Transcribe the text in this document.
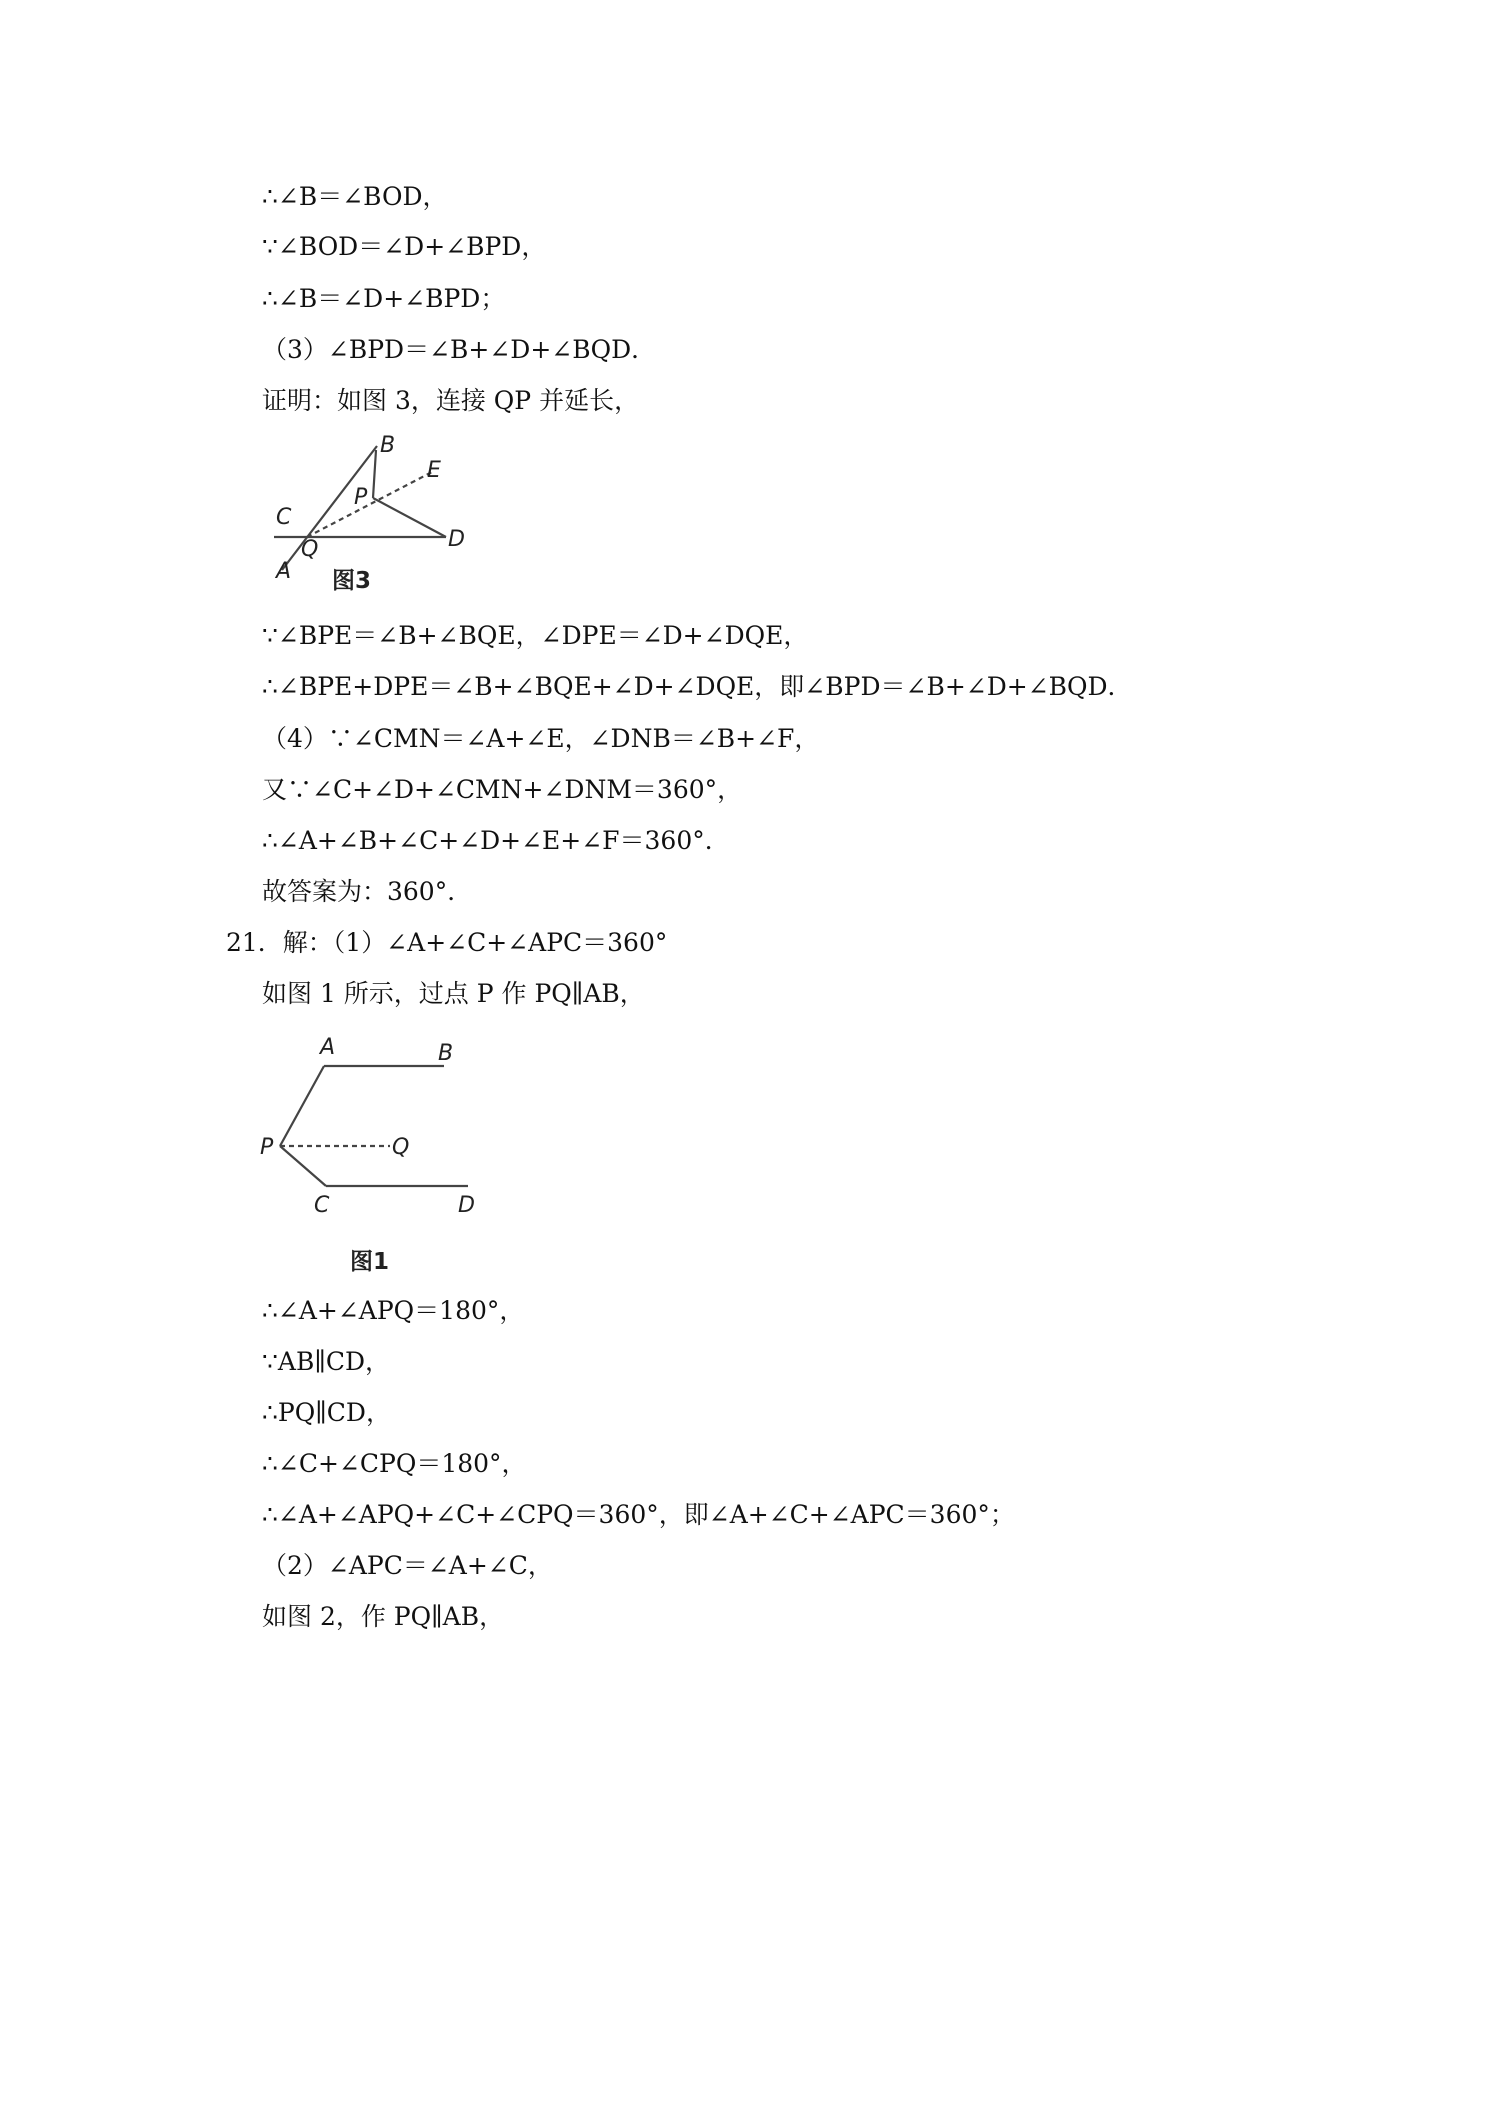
∴∠B＝∠BOD，
∵∠BOD＝∠D+∠BPD，
∴∠B＝∠D+∠BPD；
（3）∠BPD＝∠B+∠D+∠BQD．
证明：如图 3，连接 QP 并延长，
B
E
P
C
Q	D
A 图3
∵∠BPE＝∠B+∠BQE，∠DPE＝∠D+∠DQE，
∴∠BPE+DPE＝∠B+∠BQE+∠D+∠DQE，即∠BPD＝∠B+∠D+∠BQD．
（4）∵∠CMN＝∠A+∠E，∠DNB＝∠B+∠F，
又∵∠C+∠D+∠CMN+∠DNM＝360°，
∴∠A+∠B+∠C+∠D+∠E+∠F＝360°．
故答案为：360°．
21．解：（1）∠A+∠C+∠APC＝360°
如图 1 所示，过点 P 作 PQ∥AB，
A	B
P	Q
C	D
图1
∴∠A+∠APQ＝180°，
∵AB∥CD，
∴PQ∥CD，
∴∠C+∠CPQ＝180°，
∴∠A+∠APQ+∠C+∠CPQ＝360°，即∠A+∠C+∠APC＝360°；
（2）∠APC＝∠A+∠C，
如图 2，作 PQ∥AB，
